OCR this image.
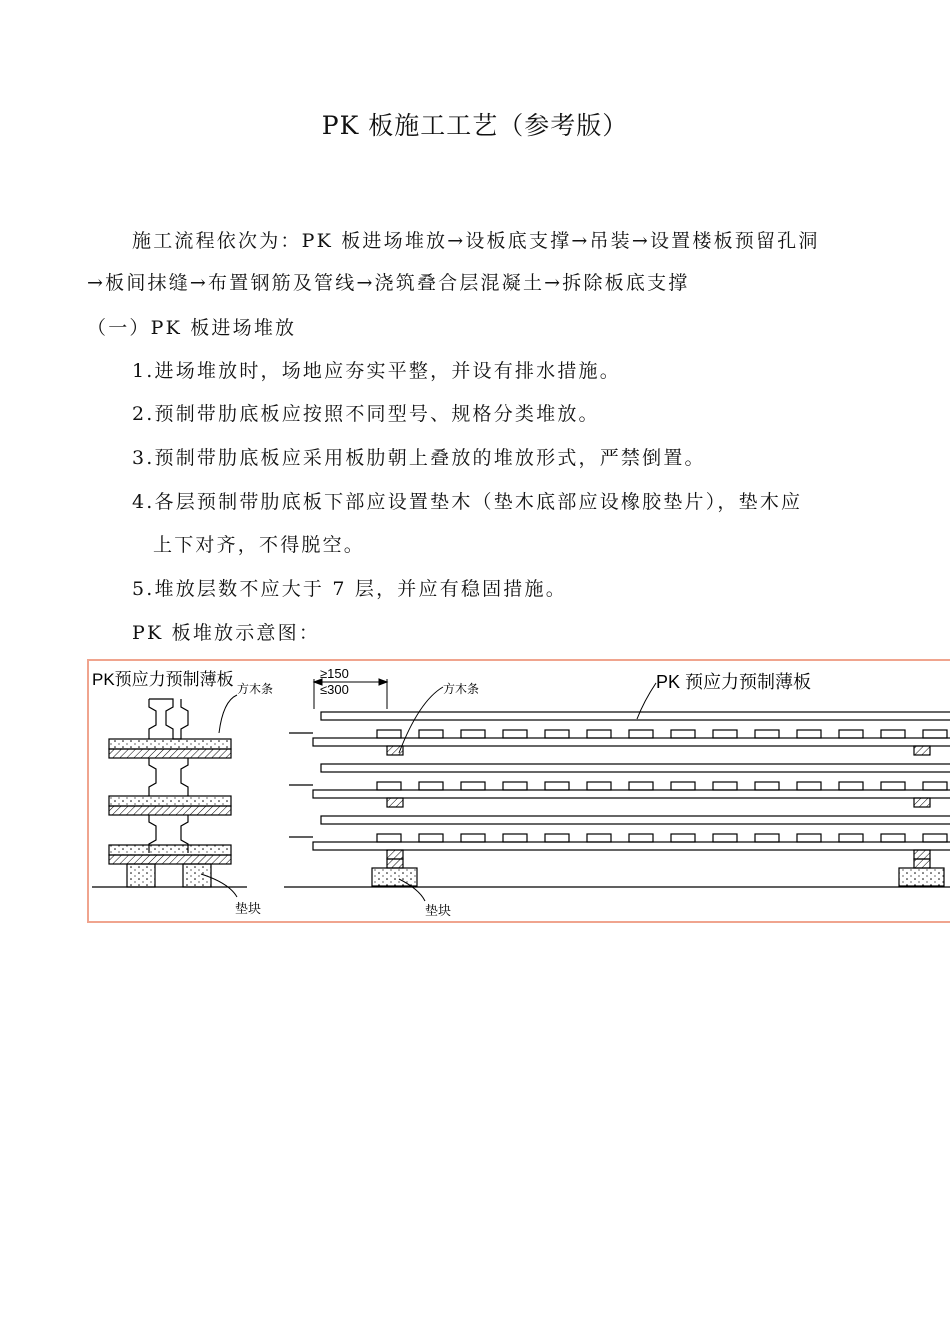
PK 板施工工艺（参考版）
施工流程依次为：PK 板进场堆放→设板底支撑→吊装→设置楼板预留孔洞
→板间抹缝→布置钢筋及管线→浇筑叠合层混凝土→拆除板底支撑
（一）PK 板进场堆放
1.进场堆放时，场地应夯实平整，并设有排水措施。
2.预制带肋底板应按照不同型号、规格分类堆放。
3.预制带肋底板应采用板肋朝上叠放的堆放形式，严禁倒置。
4.各层预制带肋底板下部应设置垫木（垫木底部应设橡胶垫片），垫木应
上下对齐，不得脱空。
5.堆放层数不应大于 7 层，并应有稳固措施。
PK 板堆放示意图：
PK预应力预制薄板 方木条
垫块
≥150
≤300	方木条	PK 预应力预制薄板
垫块
